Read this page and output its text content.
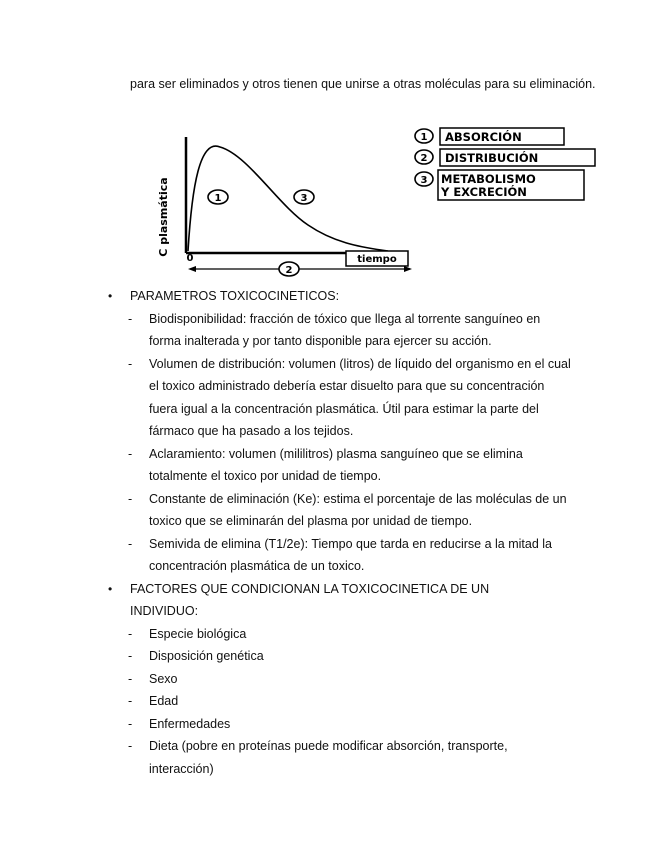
para ser eliminados y otros tienen que unirse a otras moléculas para su eliminación.
C plasmática
0
1	3
tiempo
2
1 ABSORCIÓN
2 DISTRIBUCIÓN
3 METABOLISMO
Y EXCRECIÓN
• PARAMETROS TOXICOCINETICOS:
- Biodisponibilidad: fracción de tóxico que llega al torrente sanguíneo en forma inalterada y por tanto disponible para ejercer su acción.
- Volumen de distribución: volumen (litros) de líquido del organismo en el cual el toxico administrado debería estar disuelto para que su concentración fuera igual a la concentración plasmática. Útil para estimar la parte del fármaco que ha pasado a los tejidos.
- Aclaramiento: volumen (mililitros) plasma sanguíneo que se elimina totalmente el toxico por unidad de tiempo.
- Constante de eliminación (Ke): estima el porcentaje de las moléculas de un toxico que se eliminarán del plasma por unidad de tiempo.
- Semivida de elimina (T1/2e): Tiempo que tarda en reducirse a la mitad la concentración plasmática de un toxico.
• FACTORES QUE CONDICIONAN LA TOXICOCINETICA DE UN INDIVIDUO:
- Especie biológica
- Disposición genética
- Sexo
- Edad
- Enfermedades
- Dieta (pobre en proteínas puede modificar absorción, transporte, interacción)
